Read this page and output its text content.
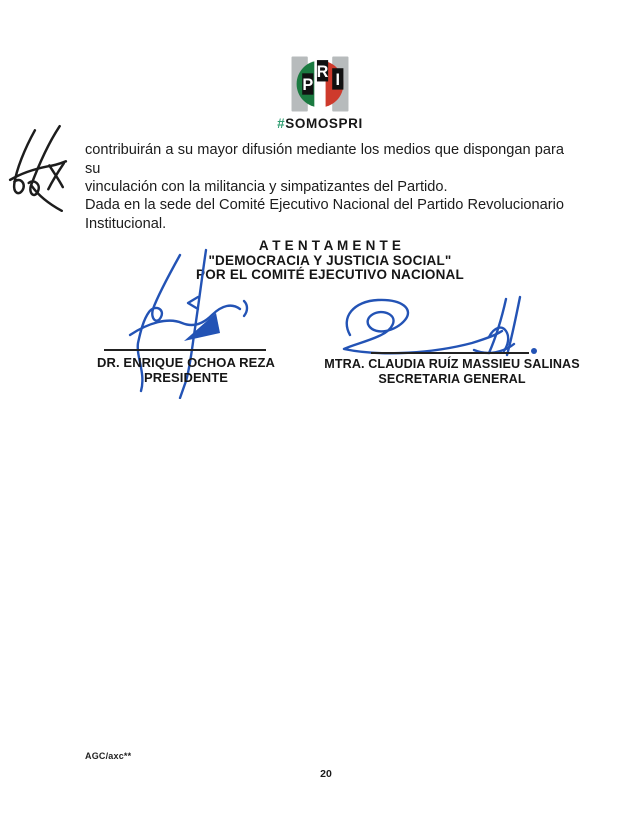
P
R I
#SOMOSPRI
contribuirán a su mayor difusión mediante los medios que dispongan para su
vinculación con la militancia y simpatizantes del Partido.
Dada en la sede del Comité Ejecutivo Nacional del Partido Revolucionario
Institucional.
A T E N T A M E N T E
"DEMOCRACIA Y JUSTICIA SOCIAL"
POR EL COMITÉ EJECUTIVO NACIONAL
DR. ENRIQUE OCHOA REZA
PRESIDENTE
MTRA. CLAUDIA RUÍZ MASSIEU SALINAS
SECRETARIA GENERAL
AGC/axc**
20
